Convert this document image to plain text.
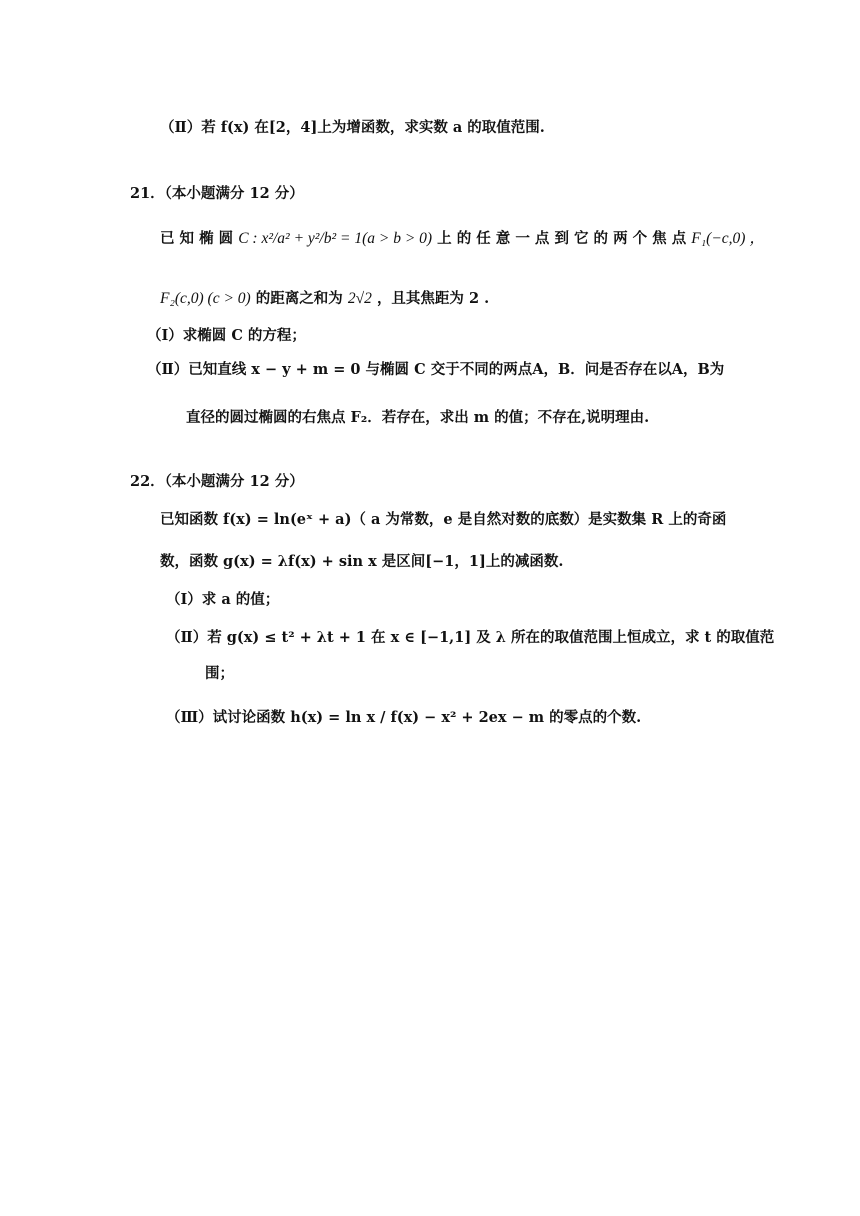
（Ⅱ）若 f(x) 在[2，4]上为增函数，求实数 a 的取值范围.
21．（本小题满分 12 分）
已 知 椭 圆 C : x²/a² + y²/b² = 1(a > b > 0) 上 的 任 意 一 点 到 它 的 两 个 焦 点 F₁(−c,0) ，
F₂(c,0) (c > 0) 的距离之和为 2√2 ，且其焦距为 2 .
（Ⅰ）求椭圆 C 的方程；
（Ⅱ）已知直线 x − y + m = 0 与椭圆 C 交于不同的两点A，B．问是否存在以A，B为
直径的圆过椭圆的右焦点 F₂．若存在，求出 m 的值；不存在,说明理由.
22．（本小题满分 12 分）
已知函数 f(x) = ln(eˣ + a)（ a 为常数，e 是自然对数的底数）是实数集 R 上的奇函
数，函数 g(x) = λf(x) + sin x 是区间[−1，1]上的减函数.
（Ⅰ）求 a 的值；
（Ⅱ）若 g(x) ≤ t² + λt + 1 在 x ∈ [−1,1] 及 λ 所在的取值范围上恒成立，求 t 的取值范
围；
（Ⅲ）试讨论函数 h(x) = ln x / f(x) − x² + 2ex − m 的零点的个数.
